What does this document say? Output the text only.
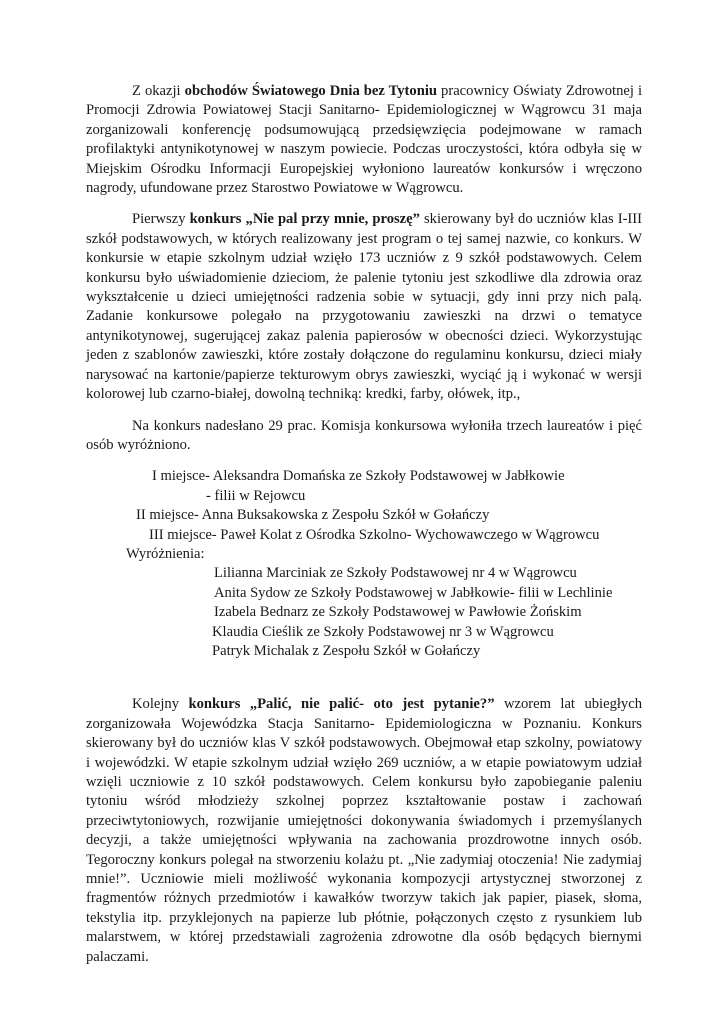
Z okazji obchodów Światowego Dnia bez Tytoniu pracownicy Oświaty Zdrowotnej i Promocji Zdrowia Powiatowej Stacji Sanitarno- Epidemiologicznej w Wągrowcu 31 maja zorganizowali konferencję podsumowującą przedsięwzięcia podejmowane w ramach profilaktyki antynikotynowej w naszym powiecie. Podczas uroczystości, która odbyła się w Miejskim Ośrodku Informacji Europejskiej wyłoniono laureatów konkursów i wręczono nagrody, ufundowane przez Starostwo Powiatowe w Wągrowcu.

Pierwszy konkurs „Nie pal przy mnie, proszę” skierowany był do uczniów klas I-III szkół podstawowych, w których realizowany jest program o tej samej nazwie, co konkurs. W konkursie w etapie szkolnym udział wzięło 173 uczniów z 9 szkół podstawowych. Celem konkursu było uświadomienie dzieciom, że palenie tytoniu jest szkodliwe dla zdrowia oraz wykształcenie u dzieci umiejętności radzenia sobie w sytuacji, gdy inni przy nich palą. Zadanie konkursowe polegało na przygotowaniu zawieszki na drzwi o tematyce antynikotynowej, sugerującej zakaz palenia papierosów w obecności dzieci. Wykorzystując jeden z szablonów zawieszki, które zostały dołączone do regulaminu konkursu, dzieci miały narysować na kartonie/papierze tekturowym obrys zawieszki, wyciąć ją i wykonać w wersji kolorowej lub czarno-białej, dowolną techniką: kredki, farby, ołówek, itp.,

Na konkurs nadesłano 29 prac. Komisja konkursowa wyłoniła trzech laureatów i pięć osób wyróżniono.

I miejsce- Aleksandra Domańska ze Szkoły Podstawowej w Jabłkowie

- filii w Rejowcu

II miejsce- Anna Buksakowska z Zespołu Szkół w Gołańczy

III miejsce- Paweł Kolat z Ośrodka Szkolno- Wychowawczego w Wągrowcu

Wyróżnienia:

Lilianna Marciniak ze Szkoły Podstawowej nr 4 w Wągrowcu

Anita Sydow ze Szkoły Podstawowej w Jabłkowie- filii w Lechlinie

Izabela Bednarz ze Szkoły Podstawowej w Pawłowie Żońskim

Klaudia Cieślik ze Szkoły Podstawowej nr 3 w Wągrowcu

Patryk Michalak z Zespołu Szkół w Gołańczy

Kolejny konkurs „Palić, nie palić- oto jest pytanie?” wzorem lat ubiegłych zorganizowała Wojewódzka Stacja Sanitarno- Epidemiologiczna w Poznaniu. Konkurs skierowany był do uczniów klas V szkół podstawowych. Obejmował etap szkolny, powiatowy i wojewódzki. W etapie szkolnym udział wzięło 269 uczniów, a w etapie powiatowym udział wzięli uczniowie z 10 szkół podstawowych. Celem konkursu było zapobieganie paleniu tytoniu wśród młodzieży szkolnej poprzez kształtowanie postaw i zachowań przeciwtytoniowych, rozwijanie umiejętności dokonywania świadomych i przemyślanych decyzji, a także umiejętności wpływania na zachowania prozdrowotne innych osób. Tegoroczny konkurs polegał na stworzeniu kolażu pt. „Nie zadymiaj otoczenia! Nie zadymiaj mnie!”. Uczniowie mieli możliwość wykonania kompozycji artystycznej stworzonej z fragmentów różnych przedmiotów i kawałków tworzyw takich jak papier, piasek, słoma, tekstylia itp. przyklejonych na papierze lub płótnie, połączonych często z rysunkiem lub malarstwem, w której przedstawiali zagrożenia zdrowotne dla osób będących biernymi palaczami.
